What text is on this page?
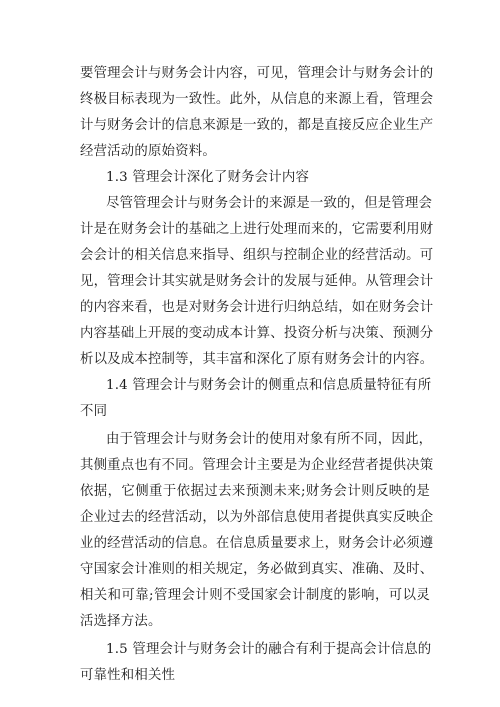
要管理会计与财务会计内容，可见，管理会计与财务会计的
终极目标表现为一致性。此外，从信息的来源上看，管理会
计与财务会计的信息来源是一致的，都是直接反应企业生产
经营活动的原始资料。
1.3 管理会计深化了财务会计内容
尽管管理会计与财务会计的来源是一致的，但是管理会
计是在财务会计的基础之上进行处理而来的，它需要利用财
会会计的相关信息来指导、组织与控制企业的经营活动。可
见，管理会计其实就是财务会计的发展与延伸。从管理会计
的内容来看，也是对财务会计进行归纳总结，如在财务会计
内容基础上开展的变动成本计算、投资分析与决策、预测分
析以及成本控制等，其丰富和深化了原有财务会计的内容。
1.4 管理会计与财务会计的侧重点和信息质量特征有所
不同
由于管理会计与财务会计的使用对象有所不同，因此，
其侧重点也有不同。管理会计主要是为企业经营者提供决策
依据，它侧重于依据过去来预测未来;财务会计则反映的是
企业过去的经营活动，以为外部信息使用者提供真实反映企
业的经营活动的信息。在信息质量要求上，财务会计必须遵
守国家会计准则的相关规定，务必做到真实、准确、及时、
相关和可靠;管理会计则不受国家会计制度的影响，可以灵
活选择方法。
1.5 管理会计与财务会计的融合有利于提高会计信息的
可靠性和相关性
